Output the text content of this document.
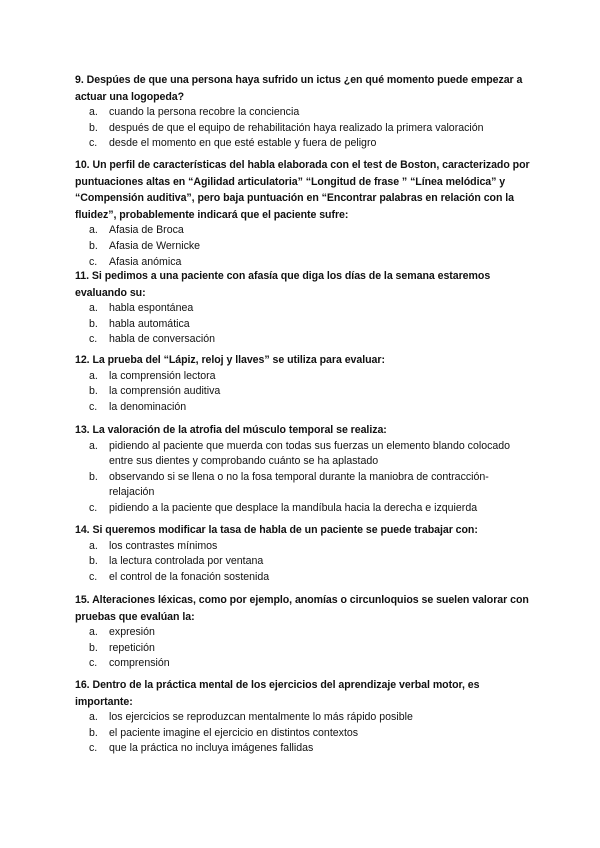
9. Despúes de que una persona haya sufrido un ictus ¿en qué momento puede empezar a actuar una logopeda?

a. cuando la persona recobre la conciencia
b. después de que el equipo de rehabilitación haya realizado la primera valoración
c. desde el momento en que esté estable y fuera de peligro

10. Un perfil de características del habla elaborada con el test de Boston, caracterizado por puntuaciones altas en “Agilidad articulatoria” “Longitud de frase ” “Línea melódica” y “Compensión auditiva”, pero baja puntuación en “Encontrar palabras en relación con la fluidez”, probablemente indicará que el paciente sufre:

a. Afasia de Broca
b. Afasia de Wernicke
c. Afasia anómica

11. Si pedimos a una paciente con afasía que diga los días de la semana estaremos evaluando su:

a. habla espontánea
b. habla automática
c. habla de conversación

12. La prueba del “Lápiz, reloj y llaves” se utiliza para evaluar:

a. la comprensión lectora
b. la comprensión auditiva
c. la denominación

13. La valoración de la atrofia del músculo temporal se realiza:

a. pidiendo al paciente que muerda con todas sus fuerzas un elemento blando colocado entre sus dientes y comprobando cuánto se ha aplastado
b. observando si se llena o no la fosa temporal durante la maniobra de contracción-relajación
c. pidiendo a la paciente que desplace la mandíbula hacia la derecha e izquierda

14. Si queremos modificar la tasa de habla de un paciente se puede trabajar con:

a. los contrastes mínimos
b. la lectura controlada por ventana
c. el control de la fonación sostenida

15. Alteraciones léxicas, como por ejemplo, anomías o circunloquios se suelen valorar con pruebas que evalúan la:

a. expresión
b. repetición
c. comprensión

16. Dentro de la práctica mental de los ejercicios del aprendizaje verbal motor, es importante:

a. los ejercicios se reproduzcan mentalmente lo más rápido posible
b. el paciente imagine el ejercicio en distintos contextos
c. que la práctica no incluya imágenes fallidas
